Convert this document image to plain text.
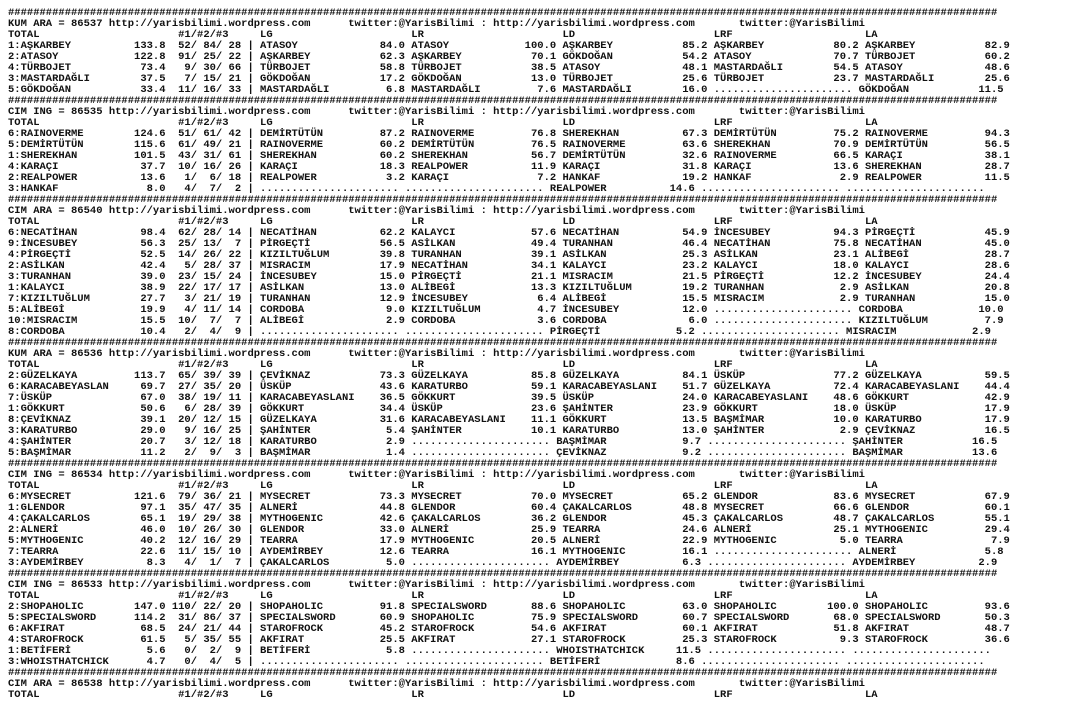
#############################################################################################################################################################
KUM ARA = 86537 http://yarisbilimi.wordpress.com      twitter:@YarisBilimi : http://yarisbilimi.wordpress.com       twitter:@YarisBilimi
TOTAL                      #1/#2/#3     LG                      LR                      LD                      LRF                     LA
1:AŞKARBEY          133.8  52/ 84/ 28 | ATASOY             84.0 ATASOY            100.0 AŞKARBEY           85.2 AŞKARBEY           80.2 AŞKARBEY           82.9
2:ATASOY            122.8  91/ 25/ 22 | AŞKARBEY           62.3 AŞKARBEY           70.1 GÖKDOĞAN           54.2 ATASOY             70.7 TÜRBOJET           60.2
4:TÜRBOJET           73.4   9/ 30/ 66 | TÜRBOJET           58.8 TÜRBOJET           38.5 ATASOY             48.1 MASTARDAĞLI        54.5 ATASOY             48.6
3:MASTARDAĞLI        37.5   7/ 15/ 21 | GÖKDOĞAN           17.2 GÖKDOĞAN           13.0 TÜRBOJET           25.6 TÜRBOJET           23.7 MASTARDAĞLI        25.6
5:GÖKDOĞAN           33.4  11/ 16/ 33 | MASTARDAĞLI         6.8 MASTARDAĞLI         7.6 MASTARDAĞLI        16.0 ...................... GÖKDOĞAN           11.5
#############################################################################################################################################################
CIM ING = 86535 http://yarisbilimi.wordpress.com      twitter:@YarisBilimi : http://yarisbilimi.wordpress.com       twitter:@YarisBilimi
TOTAL                      #1/#2/#3     LG                      LR                      LD                      LRF                     LA
6:RAINOVERME        124.6  51/ 61/ 42 | DEMİRTÜTÜN         87.2 RAINOVERME         76.8 SHEREKHAN          67.3 DEMİRTÜTÜN         75.2 RAINOVERME         94.3
5:DEMİRTÜTÜN        115.6  61/ 49/ 21 | RAINOVERME         60.2 DEMİRTÜTÜN         76.5 RAINOVERME         63.6 SHEREKHAN          70.9 DEMİRTÜTÜN         56.5
1:SHEREKHAN         101.5  43/ 31/ 61 | SHEREKHAN          60.2 SHEREKHAN          56.7 DEMİRTÜTÜN         32.6 RAINOVERME         66.5 KARAÇI             38.1
4:KARAÇI             37.7  10/ 16/ 26 | KARAÇI             18.3 REALPOWER          11.9 KARAÇI             31.8 KARAÇI             13.6 SHEREKHAN          28.7
2:REALPOWER          13.6   1/  6/ 18 | REALPOWER           3.2 KARAÇI              7.2 HANKAF             19.2 HANKAF              2.9 REALPOWER          11.5
3:HANKAF              8.0   4/  7/  2 | ...................... ...................... REALPOWER          14.6 ...................... ......................
#############################################################################################################################################################
CIM ARA = 86540 http://yarisbilimi.wordpress.com      twitter:@YarisBilimi : http://yarisbilimi.wordpress.com       twitter:@YarisBilimi
TOTAL                      #1/#2/#3     LG                      LR                      LD                      LRF                     LA
6:NECATİHAN          98.4  62/ 28/ 14 | NECATİHAN          62.2 KALAYCI            57.6 NECATİHAN          54.9 İNCESUBEY          94.3 PİRGEÇTİ           45.9
9:İNCESUBEY          56.3  25/ 13/  7 | PİRGEÇTİ           56.5 ASİLKAN            49.4 TURANHAN           46.4 NECATİHAN          75.8 NECATİHAN          45.0
4:PİRGEÇTİ           52.5  14/ 26/ 22 | KIZILTUĞLUM        39.8 TURANHAN           39.1 ASİLKAN            25.3 ASİLKAN            23.1 ALİBEGİ            28.7
2:ASİLKAN            42.4   5/ 28/ 37 | MISRACIM           17.9 NECATİHAN          34.1 KALAYCI            23.2 KALAYCI            18.0 KALAYCI            28.6
3:TURANHAN           39.0  23/ 15/ 24 | İNCESUBEY          15.0 PİRGEÇTİ           21.1 MISRACIM           21.5 PİRGEÇTİ           12.2 İNCESUBEY          24.4
1:KALAYCI            38.9  22/ 17/ 17 | ASİLKAN            13.0 ALİBEGİ            13.3 KIZILTUĞLUM        19.2 TURANHAN            2.9 ASİLKAN            20.8
7:KIZILTUĞLUM        27.7   3/ 21/ 19 | TURANHAN           12.9 İNCESUBEY           6.4 ALİBEGİ            15.5 MISRACIM            2.9 TURANHAN           15.0
5:ALİBEGİ            19.9   4/ 11/ 14 | CORDOBA             9.0 KIZILTUĞLUM         4.7 İNCESUBEY          12.0 ...................... CORDOBA            10.0
10:MISRACIM          15.5  10/  7/  7 | ALİBEGİ             2.9 CORDOBA             3.6 CORDOBA             6.0 ...................... KIZILTUĞLUM         7.9
8:CORDOBA            10.4   2/  4/  9 | ...................... ...................... PİRGEÇTİ            5.2 ...................... MISRACIM            2.9
#############################################################################################################################################################
KUM ARA = 86536 http://yarisbilimi.wordpress.com      twitter:@YarisBilimi : http://yarisbilimi.wordpress.com       twitter:@YarisBilimi
TOTAL                      #1/#2/#3     LG                      LR                      LD                      LRF                     LA
2:GÜZELKAYA         113.7  65/ 39/ 39 | ÇEVİKNAZ           73.3 GÜZELKAYA          85.8 GÜZELKAYA          84.1 ÜSKÜP              77.2 GÜZELKAYA          59.5
6:KARACABEYASLAN     69.7  27/ 35/ 20 | ÜSKÜP              43.6 KARATURBO          59.1 KARACABEYASLANI    51.7 GÜZELKAYA          72.4 KARACABEYASLANI    44.4
7:ÜSKÜP              67.0  38/ 19/ 11 | KARACABEYASLANI    36.5 GÖKKURT            39.5 ÜSKÜP              24.0 KARACABEYASLANI    48.6 GÖKKURT            42.9
1:GÖKKURT            50.6   6/ 28/ 39 | GÖKKURT            34.4 ÜSKÜP              23.6 ŞAHİNTER           23.9 GÖKKURT            18.0 ÜSKÜP              17.9
8:ÇEVİKNAZ           39.1  20/ 12/ 15 | GÜZELKAYA          31.6 KARACABEYASLANI    11.1 GÖKKURT            13.5 BAŞMİMAR           10.0 KARATURBO          17.9
3:KARATURBO          29.0   9/ 16/ 25 | ŞAHİNTER            5.4 ŞAHİNTER           10.1 KARATURBO          13.0 ŞAHİNTER            2.9 ÇEVİKNAZ           16.5
4:ŞAHİNTER           20.7   3/ 12/ 18 | KARATURBO           2.9 ...................... BAŞMİMAR            9.7 ...................... ŞAHİNTER           16.5
5:BAŞMİMAR           11.2   2/  9/  3 | BAŞMİMAR            1.4 ...................... ÇEVİKNAZ            9.2 ...................... BAŞMİMAR           13.6
#############################################################################################################################################################
CIM ING = 86534 http://yarisbilimi.wordpress.com      twitter:@YarisBilimi : http://yarisbilimi.wordpress.com       twitter:@YarisBilimi
TOTAL                      #1/#2/#3     LG                      LR                      LD                      LRF                     LA
6:MYSECRET          121.6  79/ 36/ 21 | MYSECRET           73.3 MYSECRET           70.0 MYSECRET           65.2 GLENDOR            83.6 MYSECRET           67.9
1:GLENDOR            97.1  35/ 47/ 35 | ALNERİ             44.8 GLENDOR            60.4 ÇAKALCARLOS        48.8 MYSECRET           66.6 GLENDOR            60.1
4:ÇAKALCARLOS        65.1  19/ 29/ 38 | MYTHOGENIC         42.6 ÇAKALCARLOS        36.2 GLENDOR            45.3 ÇAKALCARLOS        48.7 ÇAKALCARLOS        55.1
2:ALNERİ             46.0  10/ 26/ 30 | GLENDOR            33.0 ALNERİ             25.9 TEARRA             24.6 ALNERİ             25.1 MYTHOGENIC         29.4
5:MYTHOGENIC         40.2  12/ 16/ 29 | TEARRA             17.9 MYTHOGENIC         20.5 ALNERİ             22.9 MYTHOGENIC          5.0 TEARRA              7.9
7:TEARRA             22.6  11/ 15/ 10 | AYDEMİRBEY         12.6 TEARRA             16.1 MYTHOGENIC         16.1 ...................... ALNERİ              5.8
3:AYDEMİRBEY          8.3   4/  1/  7 | ÇAKALCARLOS         5.0 ...................... AYDEMİRBEY          6.3 ...................... AYDEMİRBEY          2.9
#############################################################################################################################################################
CIM ING = 86533 http://yarisbilimi.wordpress.com      twitter:@YarisBilimi : http://yarisbilimi.wordpress.com       twitter:@YarisBilimi
TOTAL                      #1/#2/#3     LG                      LR                      LD                      LRF                     LA
2:SHOPAHOLIC        147.0 110/ 22/ 20 | SHOPAHOLIC         91.8 SPECIALSWORD       88.6 SHOPAHOLIC         63.0 SHOPAHOLIC        100.0 SHOPAHOLIC         93.6
5:SPECIALSWORD      114.2  31/ 86/ 37 | SPECIALSWORD       60.9 SHOPAHOLIC         75.9 SPECIALSWORD       60.7 SPECIALSWORD       68.0 SPECIALSWORD       50.3
6:AKFIRAT            68.5  24/ 21/ 44 | STAROFROCK         45.2 STAROFROCK         54.6 AKFIRAT            60.1 AKFIRAT            51.8 AKFIRAT            48.7
4:STAROFROCK         61.5   5/ 35/ 55 | AKFIRAT            25.5 AKFIRAT            27.1 STAROFROCK         25.3 STAROFROCK          9.3 STAROFROCK         36.6
1:BETİFERİ            5.6   0/  2/  9 | BETİFERİ            5.8 ...................... WHOISTHATCHICK     11.5 ...................... ......................
3:WHOISTHATCHICK      4.7   0/  4/  5 | ...................... ...................... BETİFERİ            8.6 ...................... ......................
#############################################################################################################################################################
CIM ARA = 86538 http://yarisbilimi.wordpress.com      twitter:@YarisBilimi : http://yarisbilimi.wordpress.com       twitter:@YarisBilimi
TOTAL                      #1/#2/#3     LG                      LR                      LD                      LRF                     LA
